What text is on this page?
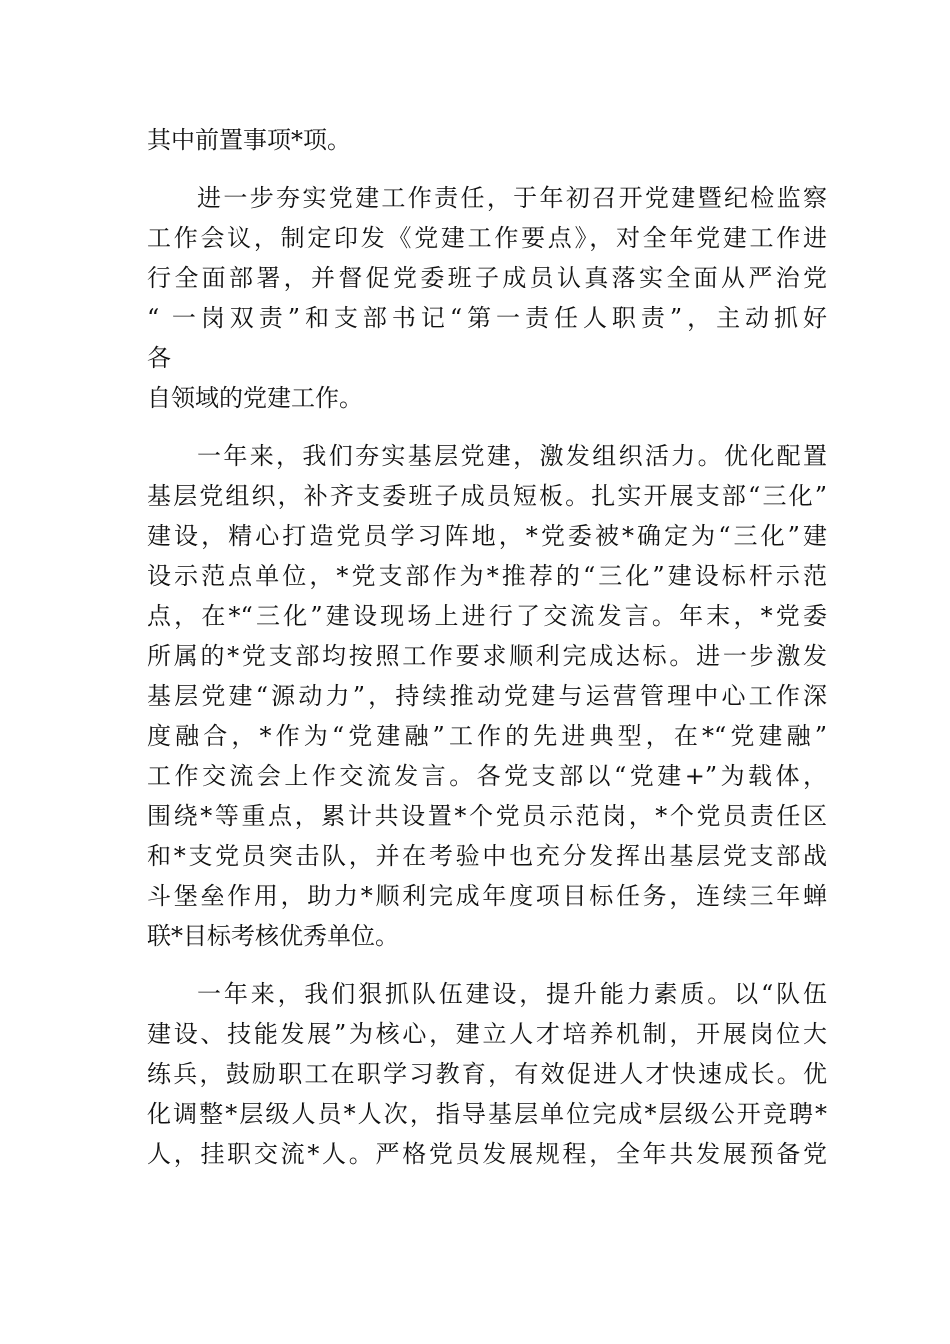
其中前置事项*项。
进一步夯实党建工作责任，于年初召开党建暨纪检监察
工作会议，制定印发《党建工作要点》，对全年党建工作进
行全面部署，并督促党委班子成员认真落实全面从严治党
“ 一岗双责”和支部书记“第一责任人职责”，主动抓好
各
自领域的党建工作。
一年来，我们夯实基层党建，激发组织活力。优化配置
基层党组织，补齐支委班子成员短板。扎实开展支部“三化”
建设，精心打造党员学习阵地，*党委被*确定为“三化”建
设示范点单位，*党支部作为*推荐的“三化”建设标杆示范
点，在*“三化”建设现场上进行了交流发言。年末，*党委
所属的*党支部均按照工作要求顺利完成达标。进一步激发
基层党建“源动力”，持续推动党建与运营管理中心工作深
度融合，*作为“党建融”工作的先进典型，在*“党建融”
工作交流会上作交流发言。各党支部以“党建+”为载体，
围绕*等重点，累计共设置*个党员示范岗，*个党员责任区
和*支党员突击队，并在考验中也充分发挥出基层党支部战
斗堡垒作用，助力*顺利完成年度项目标任务，连续三年蝉
联*目标考核优秀单位。
一年来，我们狠抓队伍建设，提升能力素质。以“队伍
建设、技能发展”为核心，建立人才培养机制，开展岗位大
练兵，鼓励职工在职学习教育，有效促进人才快速成长。优
化调整*层级人员*人次，指导基层单位完成*层级公开竞聘*
人，挂职交流*人。严格党员发展规程，全年共发展预备党
